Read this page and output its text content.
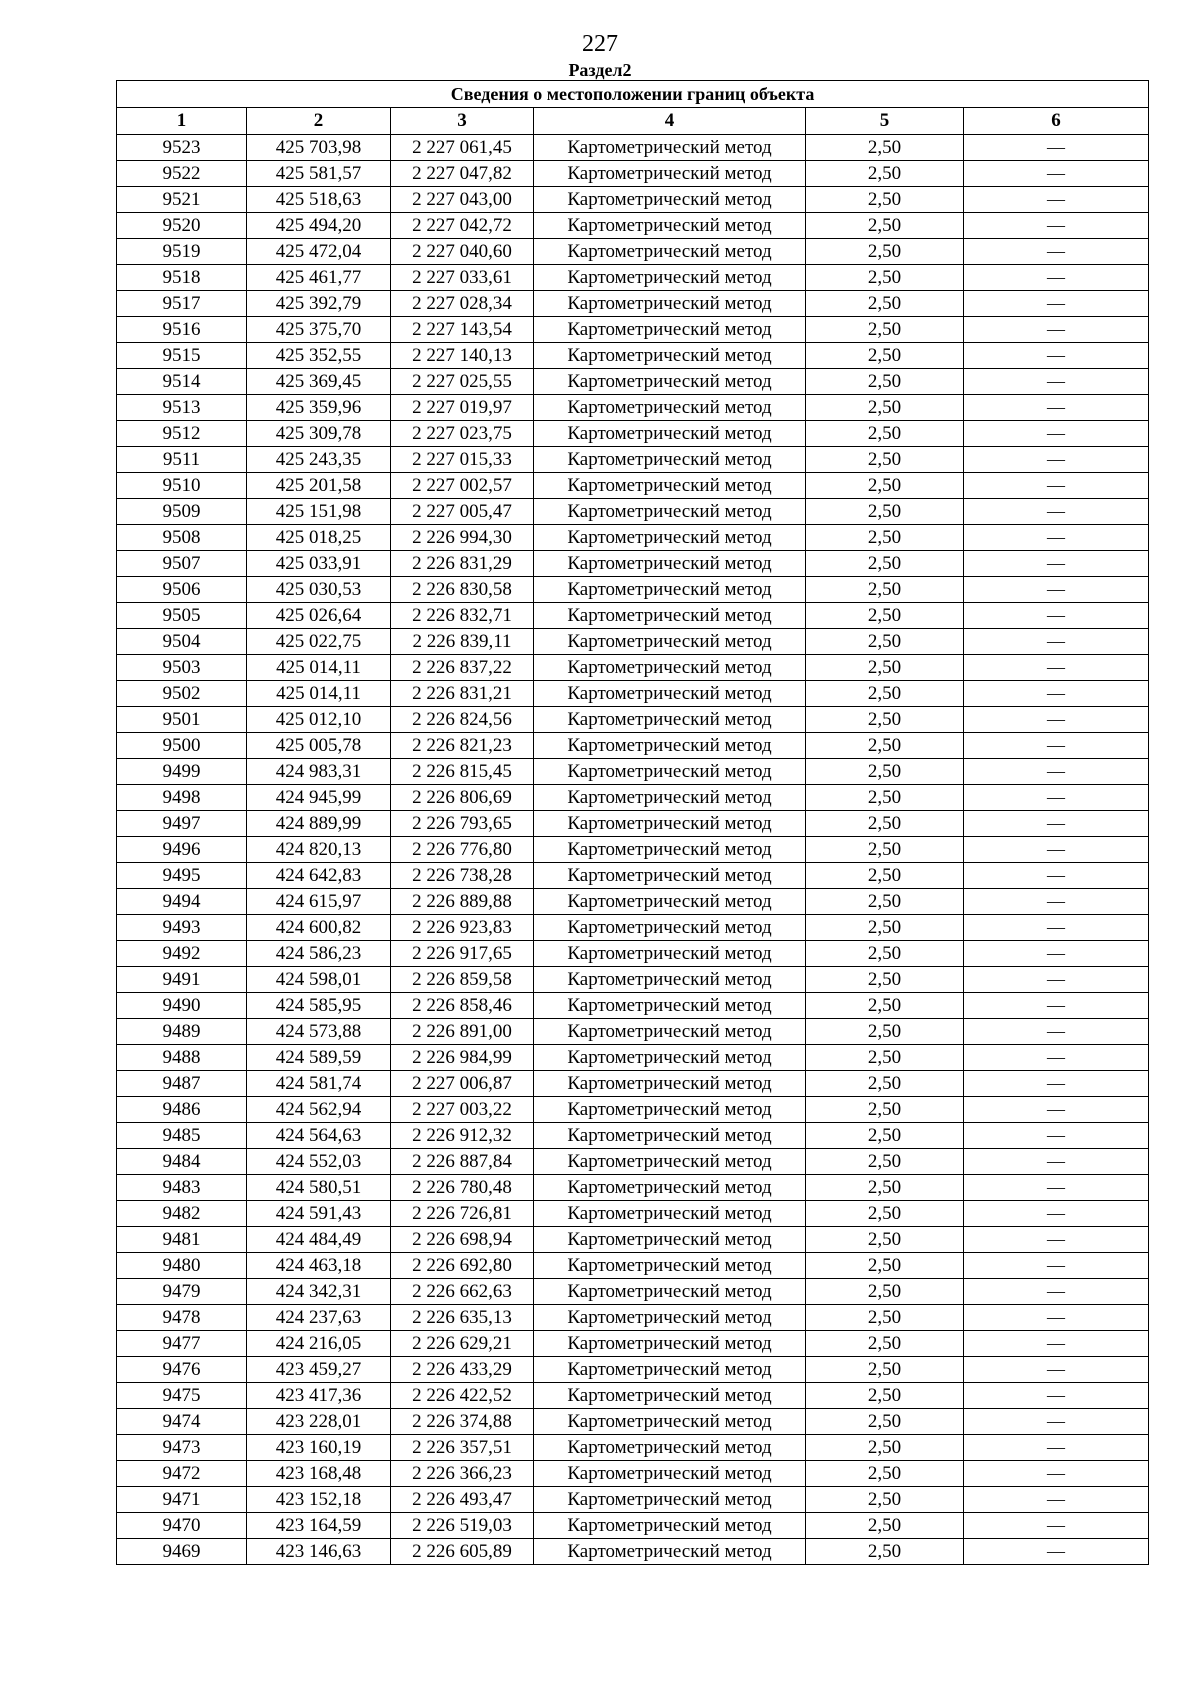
227
Раздел2
Сведения о местоположении границ объекта					
1	2	3	4	5	6
9523	425 703,98	2 227 061,45	Картометрический метод	2,50	—
9522	425 581,57	2 227 047,82	Картометрический метод	2,50	—
9521	425 518,63	2 227 043,00	Картометрический метод	2,50	—
9520	425 494,20	2 227 042,72	Картометрический метод	2,50	—
9519	425 472,04	2 227 040,60	Картометрический метод	2,50	—
9518	425 461,77	2 227 033,61	Картометрический метод	2,50	—
9517	425 392,79	2 227 028,34	Картометрический метод	2,50	—
9516	425 375,70	2 227 143,54	Картометрический метод	2,50	—
9515	425 352,55	2 227 140,13	Картометрический метод	2,50	—
9514	425 369,45	2 227 025,55	Картометрический метод	2,50	—
9513	425 359,96	2 227 019,97	Картометрический метод	2,50	—
9512	425 309,78	2 227 023,75	Картометрический метод	2,50	—
9511	425 243,35	2 227 015,33	Картометрический метод	2,50	—
9510	425 201,58	2 227 002,57	Картометрический метод	2,50	—
9509	425 151,98	2 227 005,47	Картометрический метод	2,50	—
9508	425 018,25	2 226 994,30	Картометрический метод	2,50	—
9507	425 033,91	2 226 831,29	Картометрический метод	2,50	—
9506	425 030,53	2 226 830,58	Картометрический метод	2,50	—
9505	425 026,64	2 226 832,71	Картометрический метод	2,50	—
9504	425 022,75	2 226 839,11	Картометрический метод	2,50	—
9503	425 014,11	2 226 837,22	Картометрический метод	2,50	—
9502	425 014,11	2 226 831,21	Картометрический метод	2,50	—
9501	425 012,10	2 226 824,56	Картометрический метод	2,50	—
9500	425 005,78	2 226 821,23	Картометрический метод	2,50	—
9499	424 983,31	2 226 815,45	Картометрический метод	2,50	—
9498	424 945,99	2 226 806,69	Картометрический метод	2,50	—
9497	424 889,99	2 226 793,65	Картометрический метод	2,50	—
9496	424 820,13	2 226 776,80	Картометрический метод	2,50	—
9495	424 642,83	2 226 738,28	Картометрический метод	2,50	—
9494	424 615,97	2 226 889,88	Картометрический метод	2,50	—
9493	424 600,82	2 226 923,83	Картометрический метод	2,50	—
9492	424 586,23	2 226 917,65	Картометрический метод	2,50	—
9491	424 598,01	2 226 859,58	Картометрический метод	2,50	—
9490	424 585,95	2 226 858,46	Картометрический метод	2,50	—
9489	424 573,88	2 226 891,00	Картометрический метод	2,50	—
9488	424 589,59	2 226 984,99	Картометрический метод	2,50	—
9487	424 581,74	2 227 006,87	Картометрический метод	2,50	—
9486	424 562,94	2 227 003,22	Картометрический метод	2,50	—
9485	424 564,63	2 226 912,32	Картометрический метод	2,50	—
9484	424 552,03	2 226 887,84	Картометрический метод	2,50	—
9483	424 580,51	2 226 780,48	Картометрический метод	2,50	—
9482	424 591,43	2 226 726,81	Картометрический метод	2,50	—
9481	424 484,49	2 226 698,94	Картометрический метод	2,50	—
9480	424 463,18	2 226 692,80	Картометрический метод	2,50	—
9479	424 342,31	2 226 662,63	Картометрический метод	2,50	—
9478	424 237,63	2 226 635,13	Картометрический метод	2,50	—
9477	424 216,05	2 226 629,21	Картометрический метод	2,50	—
9476	423 459,27	2 226 433,29	Картометрический метод	2,50	—
9475	423 417,36	2 226 422,52	Картометрический метод	2,50	—
9474	423 228,01	2 226 374,88	Картометрический метод	2,50	—
9473	423 160,19	2 226 357,51	Картометрический метод	2,50	—
9472	423 168,48	2 226 366,23	Картометрический метод	2,50	—
9471	423 152,18	2 226 493,47	Картометрический метод	2,50	—
9470	423 164,59	2 226 519,03	Картометрический метод	2,50	—
9469	423 146,63	2 226 605,89	Картометрический метод	2,50	—
